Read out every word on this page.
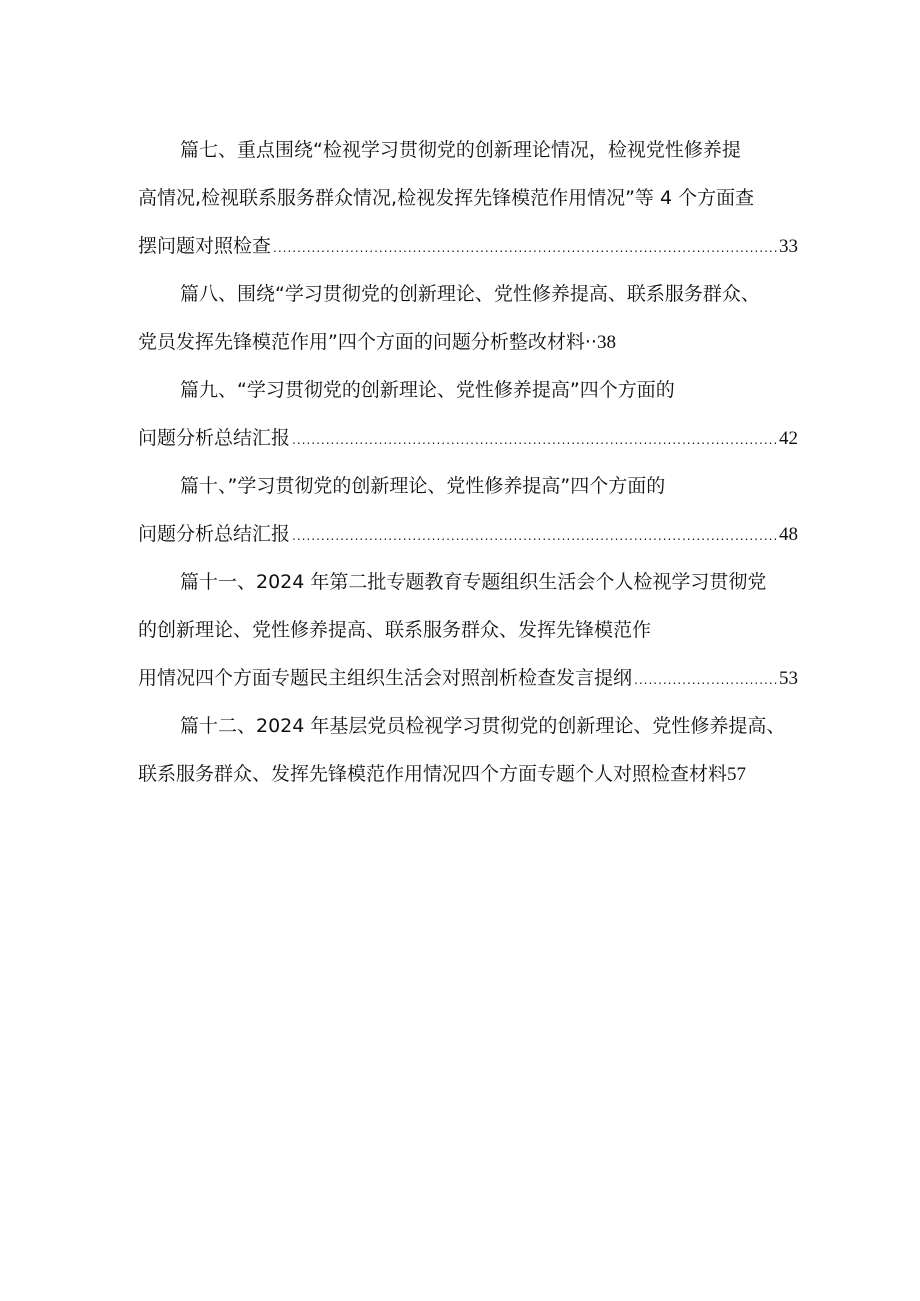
篇七、重点围绕“检视学习贯彻党的创新理论情况，检视党性修养提
高情况,检视联系服务群众情况,检视发挥先锋模范作用情况”等 4 个方面查
摆问题对照检查 .....	33
篇八、围绕“学习贯彻党的创新理论、党性修养提高、联系服务群众、
党员发挥先锋模范作用”四个方面的问题分析整改材料·· 38
篇九、“学习贯彻党的创新理论、党性修养提高”四个方面的
问题分析总结汇报 .....	42
篇十、”学习贯彻党的创新理论、党性修养提高”四个方面的
问题分析总结汇报 .....	48
篇十一、2024 年第二批专题教育专题组织生活会个人检视学习贯彻党
的创新理论、党性修养提高、联系服务群众、发挥先锋模范作
用情况四个方面专题民主组织生活会对照剖析检查发言提纲 .....	53
篇十二、2024 年基层党员检视学习贯彻党的创新理论、党性修养提高、
联系服务群众、发挥先锋模范作用情况四个方面专题个人对照检查材料 57
